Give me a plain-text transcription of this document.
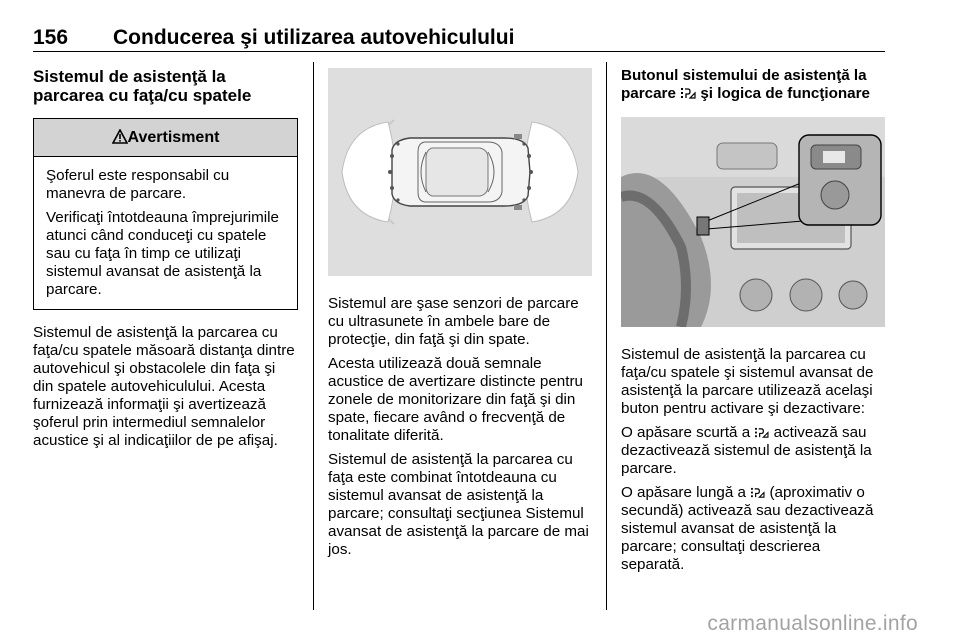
156 Conducerea şi utilizarea autovehiculului
Sistemul de asistenţă la parcarea cu faţa/cu spatele
Avertisment

Şoferul este responsabil cu manevra de parcare.

Verificaţi întotdeauna împrejurimile atunci când conduceţi cu spatele sau cu faţa în timp ce utilizaţi sistemul avansat de asistenţă la parcare.

Sistemul de asistenţă la parcarea cu faţa/cu spatele măsoară distanţa dintre autovehicul şi obstacolele din faţa şi din spatele autovehiculului. Acesta furnizează informaţii şi avertizează şoferul prin intermediul semnalelor acustice şi al indicaţiilor de pe afişaj.

Sistemul are şase senzori de parcare cu ultrasunete în ambele bare de protecţie, din faţă şi din spate.

Acesta utilizează două semnale acustice de avertizare distincte pentru zonele de monitorizare din faţă şi din spate, fiecare având o frecvenţă de tonalitate diferită.

Sistemul de asistenţă la parcarea cu faţa este combinat întotdeauna cu sistemul avansat de asistenţă la parcare; consultaţi secţiunea Sistemul avansat de asistenţă la parcare de mai jos.

Butonul sistemului de asistenţă la parcare şi logica de funcţionare

Sistemul de asistenţă la parcarea cu faţa/cu spatele şi sistemul avansat de asistenţă la parcare utilizează acelaşi buton pentru activare şi dezactivare:

O apăsare scurtă a activează sau dezactivează sistemul de asistenţă la parcare.

O apăsare lungă a (aproximativ o secundă) activează sau dezactivează sistemul avansat de asistenţă la parcare; consultaţi descrierea separată.

carmanualsonline.info
